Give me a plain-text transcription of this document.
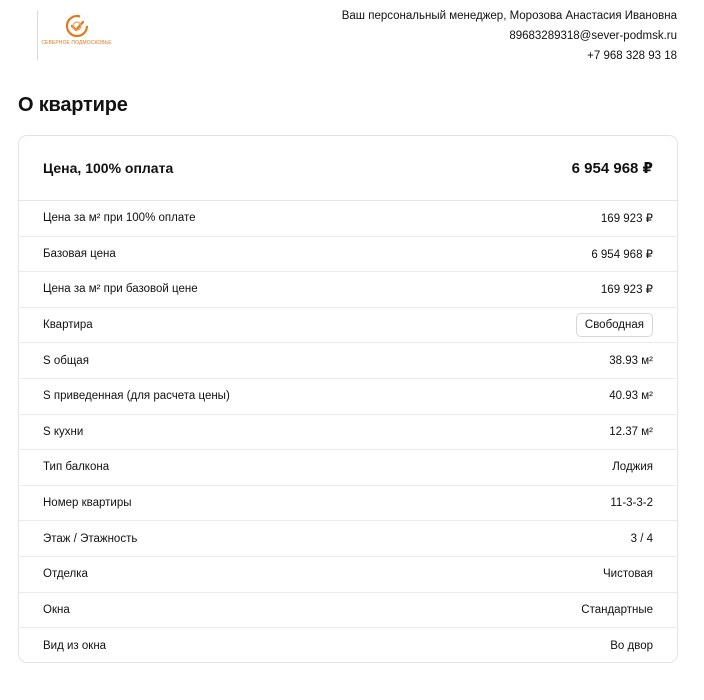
СЕВЕРНОЕ ПОДМОСКОВЬЕ
Ваш персональный менеджер, Морозова Анастасия Ивановна
89683289318@sever-podmsk.ru
+7 968 328 93 18
О квартире
Цена, 100% оплата	6 954 968 ₽
Цена за м² при 100% оплате	169 923 ₽
Базовая цена	6 954 968 ₽
Цена за м² при базовой цене	169 923 ₽
Квартира	Свободная
S общая	38.93 м²
S приведенная (для расчета цены)	40.93 м²
S кухни	12.37 м²
Тип балкона	Лоджия
Номер квартиры	11-3-3-2
Этаж / Этажность	3 / 4
Отделка	Чистовая
Окна	Стандартные
Вид из окна	Во двор
